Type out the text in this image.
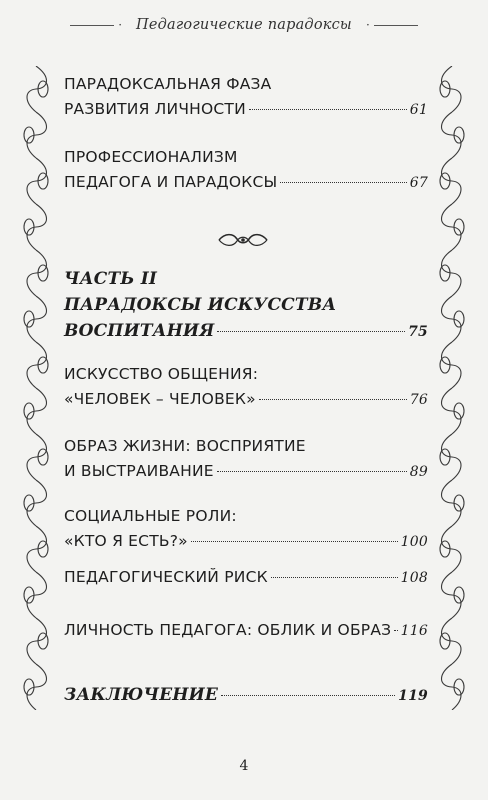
· Педагогические парадоксы	·
ПАРАДОКСАЛЬНАЯ ФАЗА
РАЗВИТИЯ ЛИЧНОСТИ	61
ПРОФЕССИОНАЛИЗМ
ПЕДАГОГА И ПАРАДОКСЫ	67
ЧАСТЬ II
ПАРАДОКСЫ ИСКУССТВА
ВОСПИТАНИЯ	75
ИСКУССТВО ОБЩЕНИЯ:
«ЧЕЛОВЕК – ЧЕЛОВЕК»	76
ОБРАЗ ЖИЗНИ: ВОСПРИЯТИЕ
И ВЫСТРАИВАНИЕ	89
СОЦИАЛЬНЫЕ РОЛИ:
«КТО Я ЕСТЬ?»	100
ПЕДАГОГИЧЕСКИЙ РИСК	108
ЛИЧНОСТЬ ПЕДАГОГА: ОБЛИК И ОБРАЗ 116
ЗАКЛЮЧЕНИЕ	119
4
